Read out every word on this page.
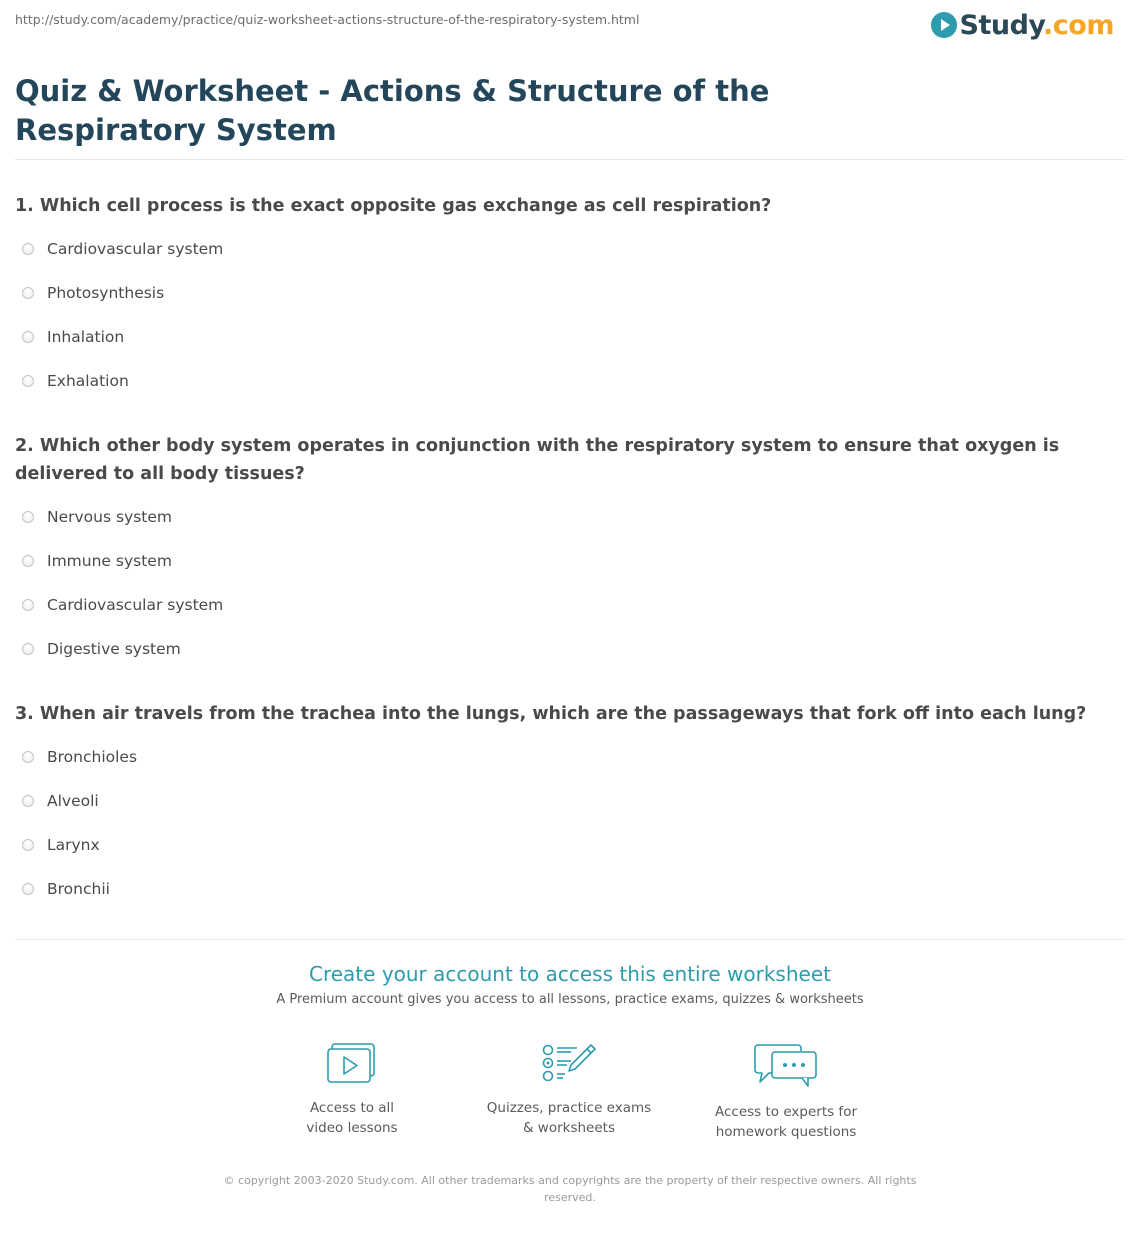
http://study.com/academy/practice/quiz-worksheet-actions-structure-of-the-respiratory-system.html	Study.com
Quiz & Worksheet - Actions & Structure of the Respiratory System
1. Which cell process is the exact opposite gas exchange as cell respiration?
Cardiovascular system
Photosynthesis
Inhalation
Exhalation
2. Which other body system operates in conjunction with the respiratory system to ensure that oxygen is delivered to all body tissues?
Nervous system
Immune system
Cardiovascular system
Digestive system
3. When air travels from the trachea into the lungs, which are the passageways that fork off into each lung?
Bronchioles
Alveoli
Larynx
Bronchii
Create your account to access this entire worksheet
A Premium account gives you access to all lessons, practice exams, quizzes & worksheets
Access to all
video lessons
Quizzes, practice exams
& worksheets
Access to experts for
homework questions
© copyright 2003-2020 Study.com. All other trademarks and copyrights are the property of their respective owners. All rights reserved.
